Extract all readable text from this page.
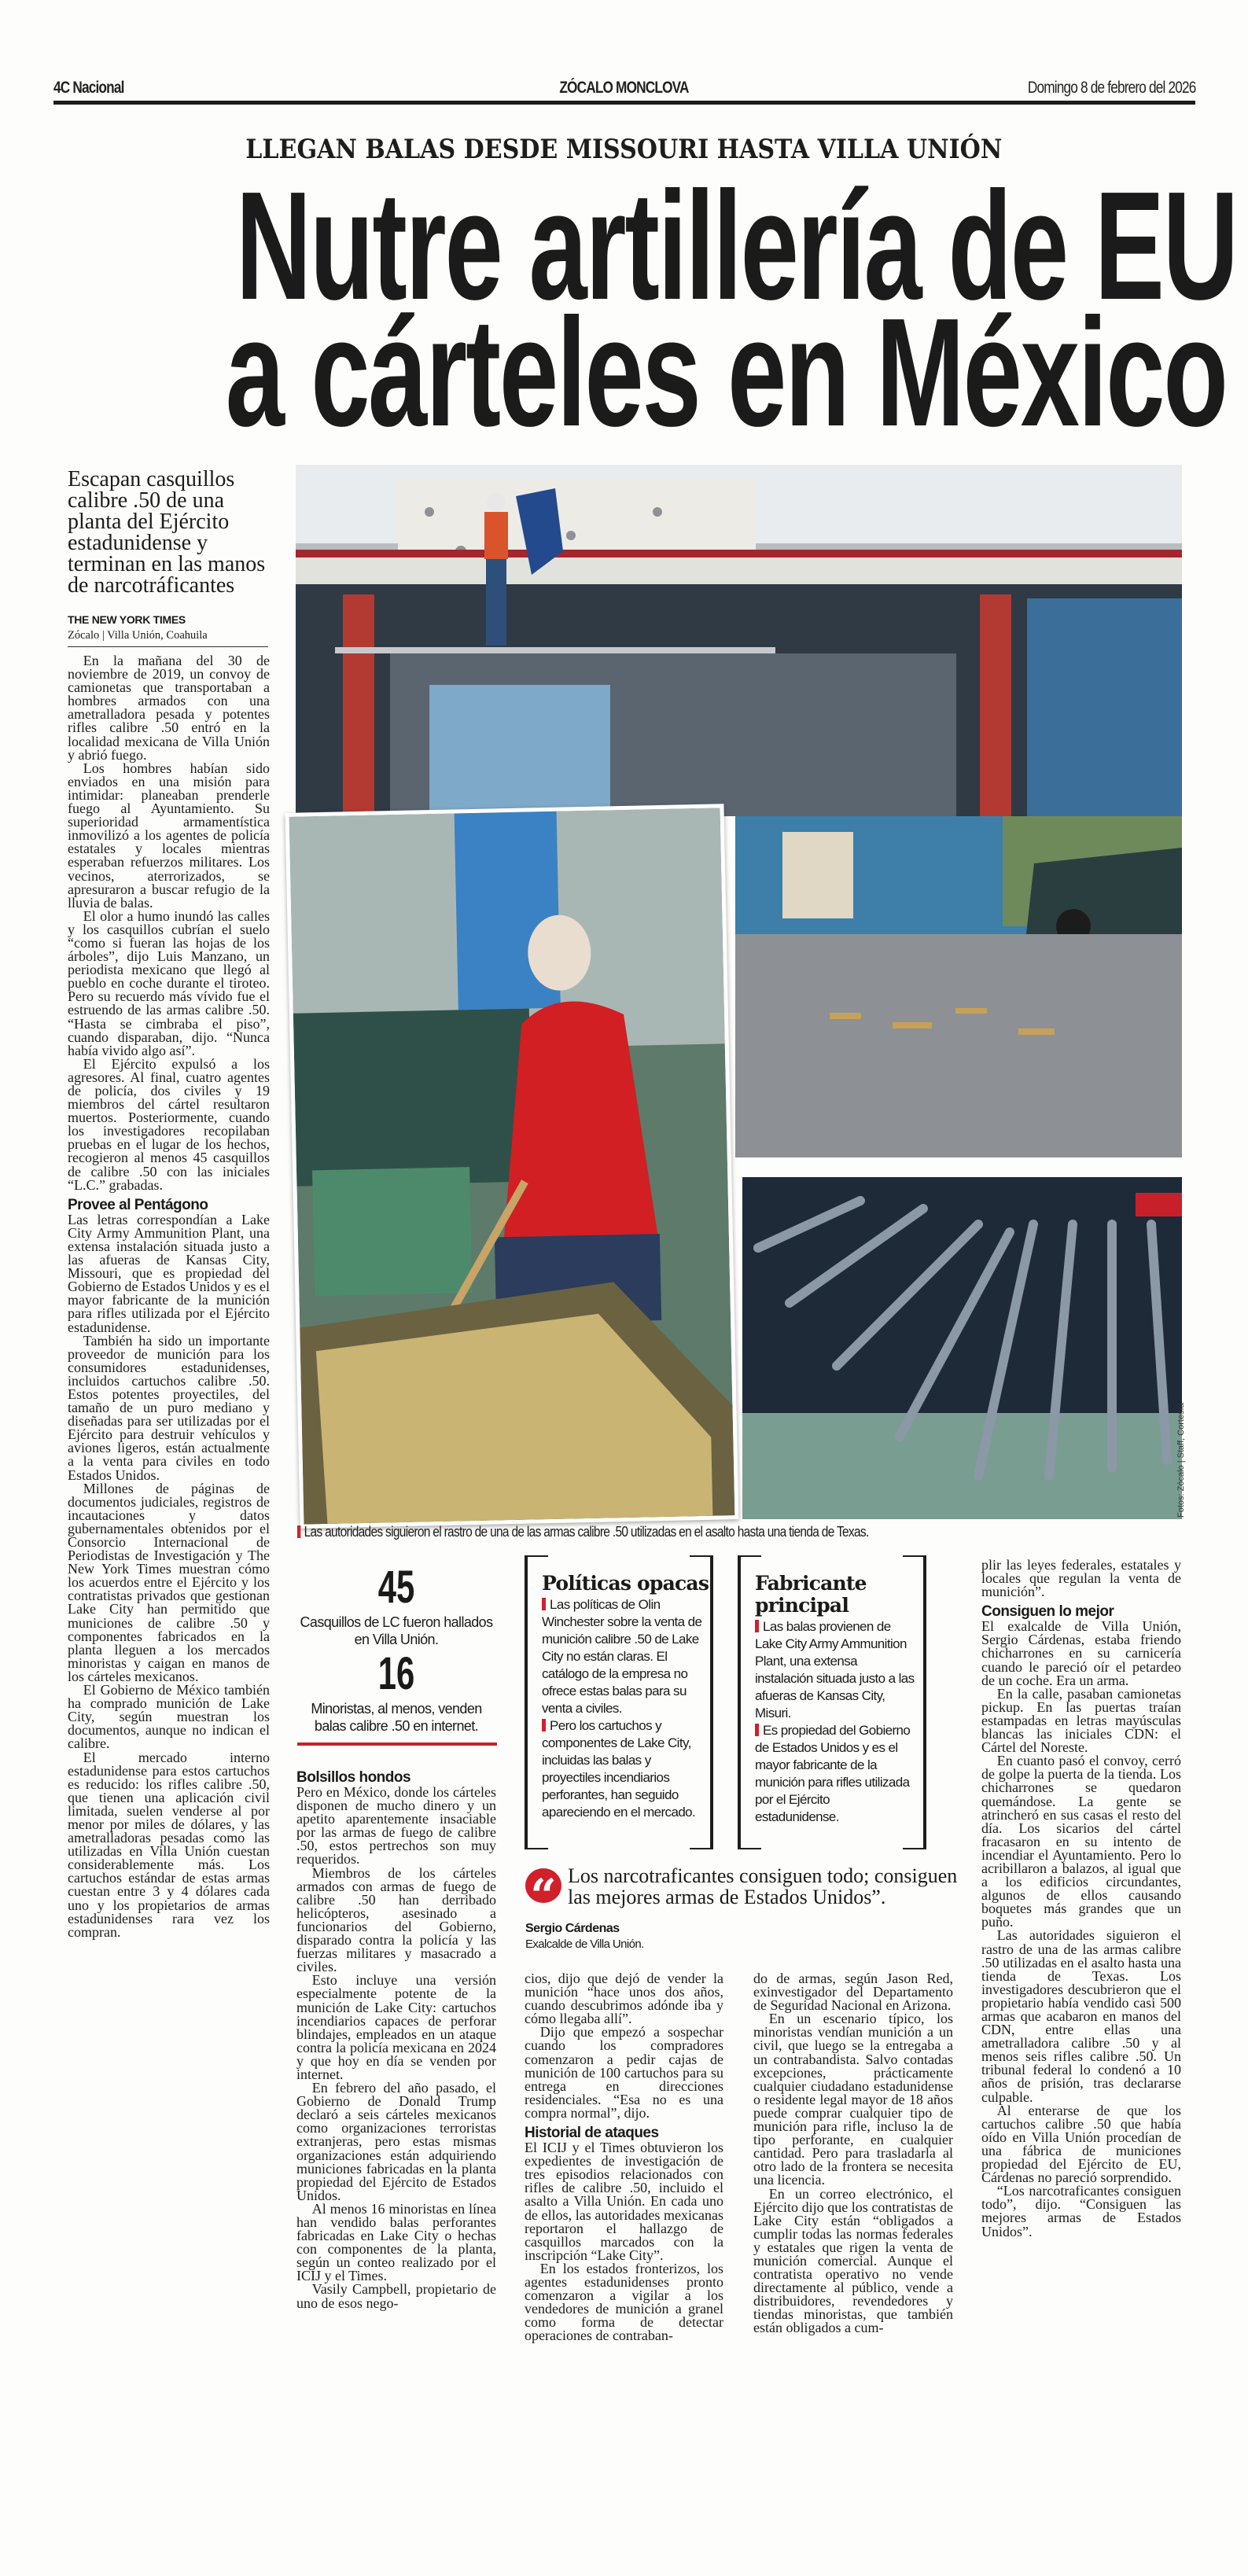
4C Nacional	ZÓCALO MONCLOVA	Domingo 8 de febrero del 2026
LLEGAN BALAS DESDE MISSOURI HASTA VILLA UNIÓN
Nutre artillería de EU
a cárteles en México
Escapan casquillos calibre .50 de una planta del Ejército estadunidense y terminan en las manos de narcotráficantes
THE NEW YORK TIMES
Zócalo | Villa Unión, Coahuila
Fotos: Zócalo | Staff, Cortesía
Las autoridades siguieron el rastro de una de las armas calibre .50 utilizadas en el asalto hasta una tienda de Texas.
45
Casquillos de LC fueron hallados en Villa Unión.
16
Minoristas, al menos, venden balas calibre .50 en internet.
Políticas opacas
Las políticas de Olin Winchester sobre la venta de munición calibre .50 de Lake City no están claras. El catálogo de la empresa no ofrece estas balas para su venta a civiles.
Pero los cartuchos y componentes de Lake City, incluidas las balas y proyectiles incendiarios perforantes, han seguido apareciendo en el mercado.
Fabricante principal
Las balas provienen de Lake City Army Ammunition Plant, una extensa instalación situada justo a las afueras de Kansas City, Misuri.
Es propiedad del Gobierno de Estados Unidos y es el mayor fabricante de la munición para rifles utilizada por el Ejército estadunidense.
“ Los narcotraficantes consiguen todo; consiguen las mejores armas de Estados Unidos”.
Sergio Cárdenas
Exalcalde de Villa Unión.

En la mañana del 30 de noviembre de 2019, un convoy de camionetas que transportaban a hombres armados con una ametralladora pesada y potentes rifles calibre .50 entró en la localidad mexicana de Villa Unión y abrió fuego.

Los hombres habían sido enviados en una misión para intimidar: planeaban prenderle fuego al Ayuntamiento. Su superioridad armamentística inmovilizó a los agentes de policía estatales y locales mientras esperaban refuerzos militares. Los vecinos, aterrorizados, se apresuraron a buscar refugio de la lluvia de balas.

El olor a humo inundó las calles y los casquillos cubrían el suelo “como si fueran las hojas de los árboles”, dijo Luis Manzano, un periodista mexicano que llegó al pueblo en coche durante el tiroteo. Pero su recuerdo más vívido fue el estruendo de las armas calibre .50. “Hasta se cimbraba el piso”, cuando disparaban, dijo. “Nunca había vivido algo así”.

El Ejército expulsó a los agresores. Al final, cuatro agentes de policía, dos civiles y 19 miembros del cártel resultaron muertos. Posteriormente, cuando los investigadores recopilaban pruebas en el lugar de los hechos, recogieron al menos 45 casquillos de calibre .50 con las iniciales “L.C.” grabadas.

Provee al Pentágono

Las letras correspondían a Lake City Army Ammunition Plant, una extensa instalación situada justo a las afueras de Kansas City, Missouri, que es propiedad del Gobierno de Estados Unidos y es el mayor fabricante de la munición para rifles utilizada por el Ejército estadunidense.

También ha sido un importante proveedor de munición para los consumidores estadunidenses, incluidos cartuchos calibre .50. Estos potentes proyectiles, del tamaño de un puro mediano y diseñadas para ser utilizadas por el Ejército para destruir vehículos y aviones ligeros, están actualmente a la venta para civiles en todo Estados Unidos.

Millones de páginas de documentos judiciales, registros de incautaciones y datos gubernamentales obtenidos por el Consorcio Internacional de Periodistas de Investigación y The New York Times muestran cómo los acuerdos entre el Ejército y los contratistas privados que gestionan Lake City han permitido que municiones de calibre .50 y componentes fabricados en la planta lleguen a los mercados minoristas y caigan en manos de los cárteles mexicanos.

El Gobierno de México también ha comprado munición de Lake City, según muestran los documentos, aunque no indican el calibre.

El mercado interno estadunidense para estos cartuchos es reducido: los rifles calibre .50, que tienen una aplicación civil limitada, suelen venderse al por menor por miles de dólares, y las ametralladoras pesadas como las utilizadas en Villa Unión cuestan considerablemente más. Los cartuchos estándar de estas armas cuestan entre 3 y 4 dólares cada uno y los propietarios de armas estadunidenses rara vez los compran.

Bolsillos hondos

Pero en México, donde los cárteles disponen de mucho dinero y un apetito aparentemente insaciable por las armas de fuego de calibre .50, estos pertrechos son muy requeridos.

Miembros de los cárteles armados con armas de fuego de calibre .50 han derribado helicópteros, asesinado a funcionarios del Gobierno, disparado contra la policía y las fuerzas militares y masacrado a civiles.

Esto incluye una versión especialmente potente de la munición de Lake City: cartuchos incendiarios capaces de perforar blindajes, empleados en un ataque contra la policía mexicana en 2024 y que hoy en día se venden por internet.

En febrero del año pasado, el Gobierno de Donald Trump declaró a seis cárteles mexicanos como organizaciones terroristas extranjeras, pero estas mismas organizaciones están adquiriendo municiones fabricadas en la planta propiedad del Ejército de Estados Unidos.

Al menos 16 minoristas en línea han vendido balas perforantes fabricadas en Lake City o hechas con componentes de la planta, según un conteo realizado por el ICIJ y el Times.

Vasily Campbell, propietario de uno de esos nego-

cios, dijo que dejó de vender la munición “hace unos dos años, cuando descubrimos adónde iba y cómo llegaba allí”.

Dijo que empezó a sospechar cuando los compradores comenzaron a pedir cajas de munición de 100 cartuchos para su entrega en direcciones residenciales. “Esa no es una compra normal”, dijo.

Historial de ataques

El ICIJ y el Times obtuvieron los expedientes de investigación de tres episodios relacionados con rifles de calibre .50, incluido el asalto a Villa Unión. En cada uno de ellos, las autoridades mexicanas reportaron el hallazgo de casquillos marcados con la inscripción “Lake City”.

En los estados fronterizos, los agentes estadunidenses pronto comenzaron a vigilar a los vendedores de munición a granel como forma de detectar operaciones de contraban-

do de armas, según Jason Red, exinvestigador del Departamento de Seguridad Nacional en Arizona.

En un escenario típico, los minoristas vendían munición a un civil, que luego se la entregaba a un contrabandista. Salvo contadas excepciones, prácticamente cualquier ciudadano estadunidense o residente legal mayor de 18 años puede comprar cualquier tipo de munición para rifle, incluso la de tipo perforante, en cualquier cantidad. Pero para trasladarla al otro lado de la frontera se necesita una licencia.

En un correo electrónico, el Ejército dijo que los contratistas de Lake City están “obligados a cumplir todas las normas federales y estatales que rigen la venta de munición comercial. Aunque el contratista operativo no vende directamente al público, vende a distribuidores, revendedores y tiendas minoristas, que también están obligados a cum-

plir las leyes federales, estatales y locales que regulan la venta de munición”.

Consiguen lo mejor

El exalcalde de Villa Unión, Sergio Cárdenas, estaba friendo chicharrones en su carnicería cuando le pareció oír el petardeo de un coche. Era un arma.

En la calle, pasaban camionetas pickup. En las puertas traían estampadas en letras mayúsculas blancas las iniciales CDN: el Cártel del Noreste.

En cuanto pasó el convoy, cerró de golpe la puerta de la tienda. Los chicharrones se quedaron quemándose. La gente se atrincheró en sus casas el resto del día. Los sicarios del cártel fracasaron en su intento de incendiar el Ayuntamiento. Pero lo acribillaron a balazos, al igual que a los edificios circundantes, algunos de ellos causando boquetes más grandes que un puño.

Las autoridades siguieron el rastro de una de las armas calibre .50 utilizadas en el asalto hasta una tienda de Texas. Los investigadores descubrieron que el propietario había vendido casi 500 armas que acabaron en manos del CDN, entre ellas una ametralladora calibre .50 y al menos seis rifles calibre .50. Un tribunal federal lo condenó a 10 años de prisión, tras declararse culpable.

Al enterarse de que los cartuchos calibre .50 que había oído en Villa Unión procedían de una fábrica de municiones propiedad del Ejército de EU, Cárdenas no pareció sorprendido.

“Los narcotraficantes consiguen todo”, dijo. “Consiguen las mejores armas de Estados Unidos”.
